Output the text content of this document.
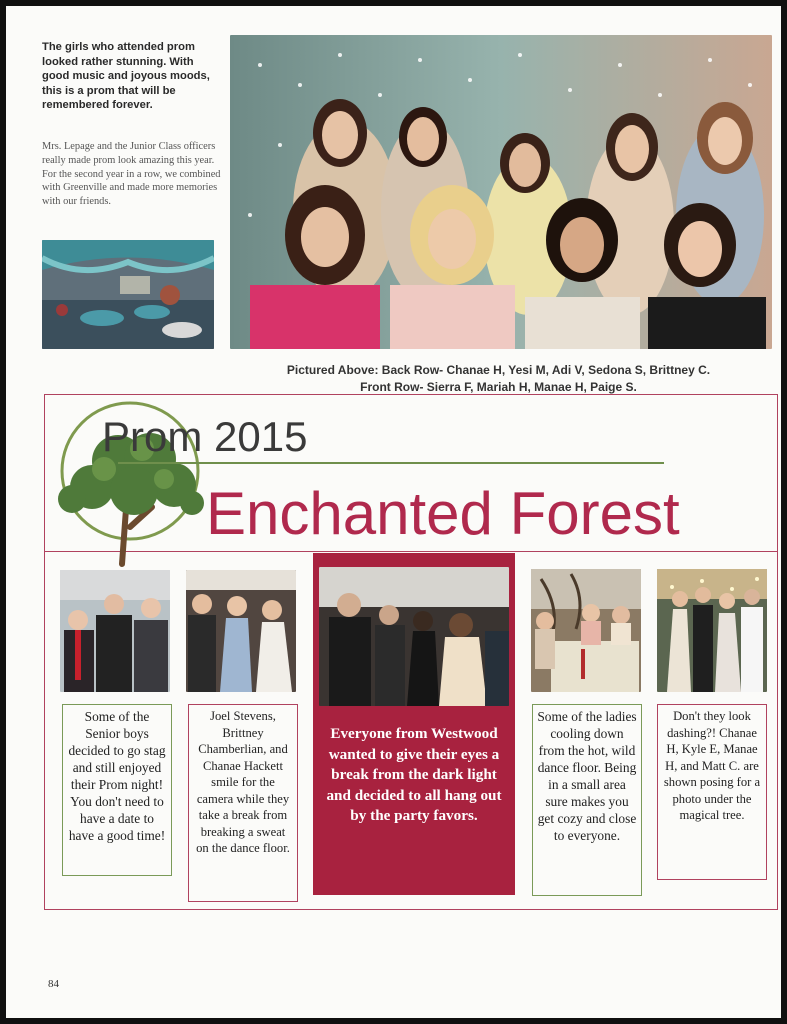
The girls who attended prom looked rather stunning. With good music and joyous moods, this is a prom that will be remembered forever.
Mrs. Lepage and the Junior Class officers really made prom look amazing this year. For the second year in a row, we combined with Greenville and made more memories with our friends.
Pictured Above: Back Row- Chanae H, Yesi M, Adi V, Sedona S, Brittney C.
Front Row- Sierra F, Mariah H, Manae H, Paige S.
Prom 2015
Enchanted Forest
Some of the Senior boys decided to go stag and still enjoyed their Prom night! You don't need to have a date to have a good time!
Joel Stevens, Brittney Chamberlian, and Chanae Hackett smile for the camera while they take a break from breaking a sweat on the dance floor.
Everyone from Westwood wanted to give their eyes a break from the dark light and decided to all hang out by the party favors.
Some of the ladies cooling down from the hot, wild dance floor. Being in a small area sure makes you get cozy and close to everyone.
Don't they look dashing?! Chanae H, Kyle E, Manae H, and Matt C. are shown posing for a photo under the magical tree.
84
